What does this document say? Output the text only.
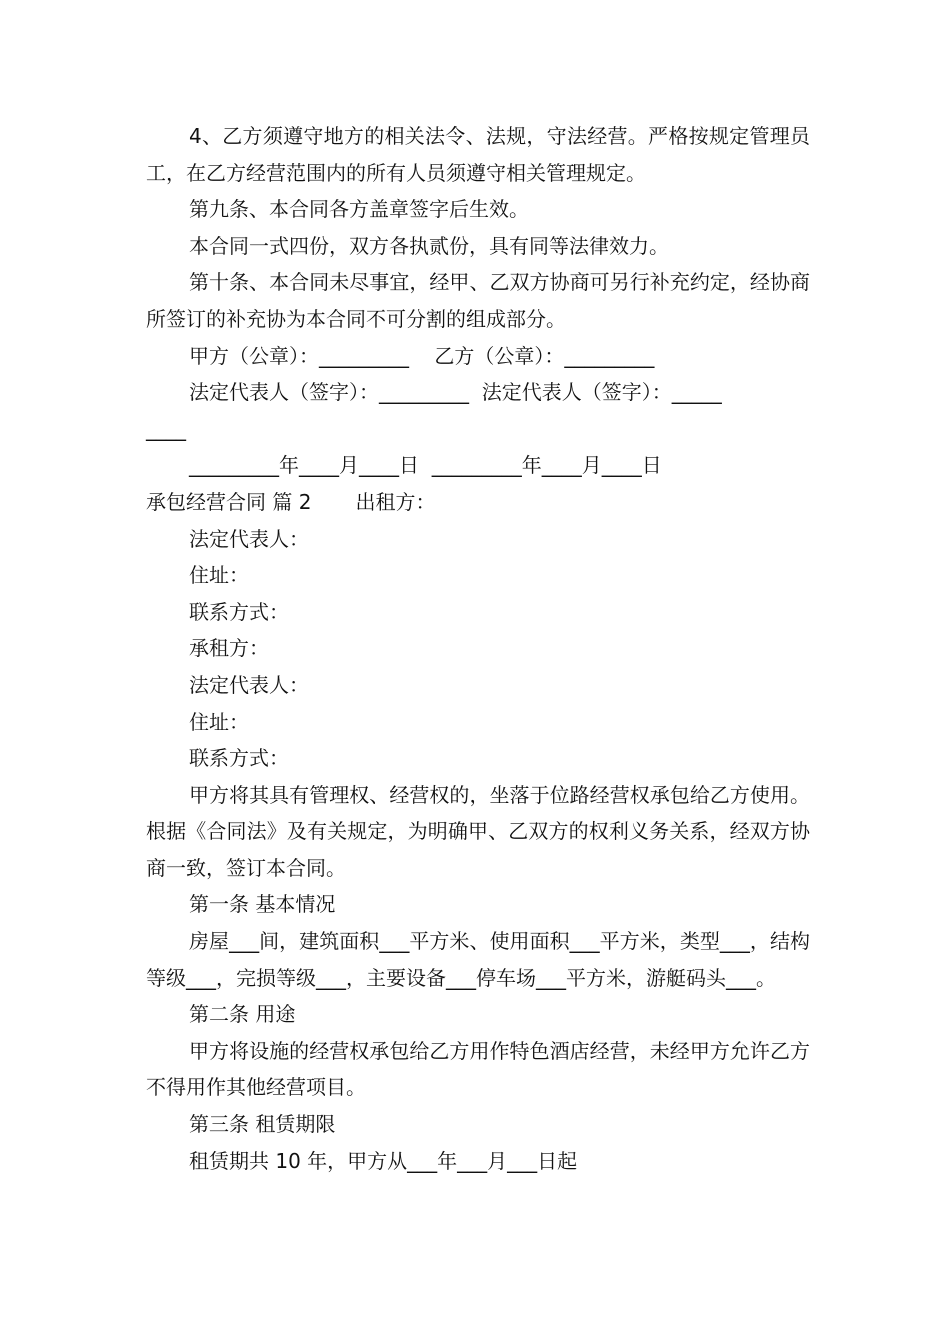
4、乙方须遵守地方的相关法令、法规，守法经营。严格按规定管理员工，在乙方经营范围内的所有人员须遵守相关管理规定。

第九条、本合同各方盖章签字后生效。

本合同一式四份，双方各执贰份，具有同等法律效力。

第十条、本合同未尽事宜，经甲、乙双方协商可另行补充约定，经协商所签订的补充协为本合同不可分割的组成部分。

甲方（公章）：_________    乙方（公章）：_________

法定代表人（签字）：_________  法定代表人（签字）：_____

____

_________年____月____日  _________年____月____日

承包经营合同 篇 2 出租方：

法定代表人：

住址：

联系方式：

承租方：

法定代表人：

住址：

联系方式：

甲方将其具有管理权、经营权的，坐落于位路经营权承包给乙方使用。根据《合同法》及有关规定，为明确甲、乙双方的权利义务关系，经双方协商一致，签订本合同。

第一条 基本情况

房屋___间，建筑面积___平方米、使用面积___平方米，类型___，结构等级___，完损等级___，主要设备___停车场___平方米，游艇码头___。

第二条 用途

甲方将设施的经营权承包给乙方用作特色酒店经营，未经甲方允许乙方不得用作其他经营项目。

第三条 租赁期限

租赁期共 10 年，甲方从___年___月___日起
